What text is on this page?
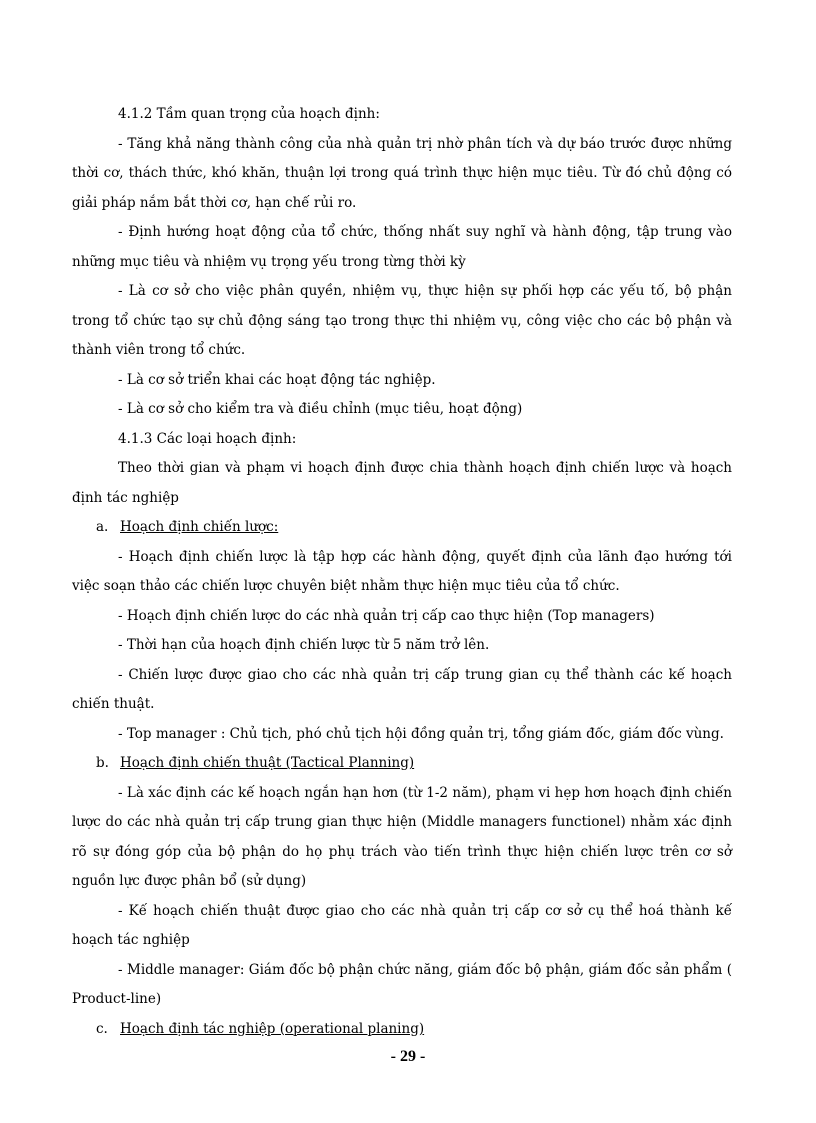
4.1.2 Tầm quan trọng của hoạch định:

- Tăng khả năng thành công của nhà quản trị nhờ phân tích và dự báo trước được những thời cơ, thách thức, khó khăn, thuận lợi trong quá trình thực hiện mục tiêu. Từ đó chủ động có giải pháp nắm bắt thời cơ, hạn chế rủi ro.

- Định hướng hoạt động của tổ chức, thống nhất suy nghĩ và hành động, tập trung vào những mục tiêu và nhiệm vụ trọng yếu trong từng thời kỳ

- Là cơ sở cho việc phân quyền, nhiệm vụ, thực hiện sự phối hợp các yếu tố, bộ phận trong tổ chức tạo sự chủ động sáng tạo trong thực thi nhiệm vụ, công việc cho các bộ phận và thành viên trong tổ chức.

- Là cơ sở triển khai các hoạt động tác nghiệp.

- Là cơ sở cho kiểm tra và điều chỉnh (mục tiêu, hoạt động)

4.1.3 Các loại hoạch định:

Theo thời gian và phạm vi hoạch định được chia thành hoạch định chiến lược và hoạch định tác nghiệp

a. Hoạch định chiến lược:

- Hoạch định chiến lược là tập hợp các hành động, quyết định của lãnh đạo hướng tới việc soạn thảo các chiến lược chuyên biệt nhằm thực hiện mục tiêu của tổ chức.

- Hoạch định chiến lược do các nhà quản trị cấp cao thực hiện (Top managers)

- Thời hạn của hoạch định chiến lược từ 5 năm trở lên.

- Chiến lược được giao cho các nhà quản trị cấp trung gian cụ thể thành các kế hoạch chiến thuật.

- Top manager : Chủ tịch, phó chủ tịch hội đồng quản trị, tổng giám đốc, giám đốc vùng.

b. Hoạch định chiến thuật (Tactical Planning)

- Là xác định các kế hoạch ngắn hạn hơn (từ 1-2 năm), phạm vi hẹp hơn hoạch định chiến lược do các nhà quản trị cấp trung gian thực hiện (Middle managers functionel) nhằm xác định rõ sự đóng góp của bộ phận do họ phụ trách vào tiến trình thực hiện chiến lược trên cơ sở nguồn lực được phân bổ (sử dụng)

- Kế hoạch chiến thuật được giao cho các nhà quản trị cấp cơ sở cụ thể hoá thành kế hoạch tác nghiệp

- Middle manager: Giám đốc bộ phận chức năng, giám đốc bộ phận, giám đốc sản phẩm ( Product-line)

c. Hoạch định tác nghiệp (operational planing)
- 29 -
